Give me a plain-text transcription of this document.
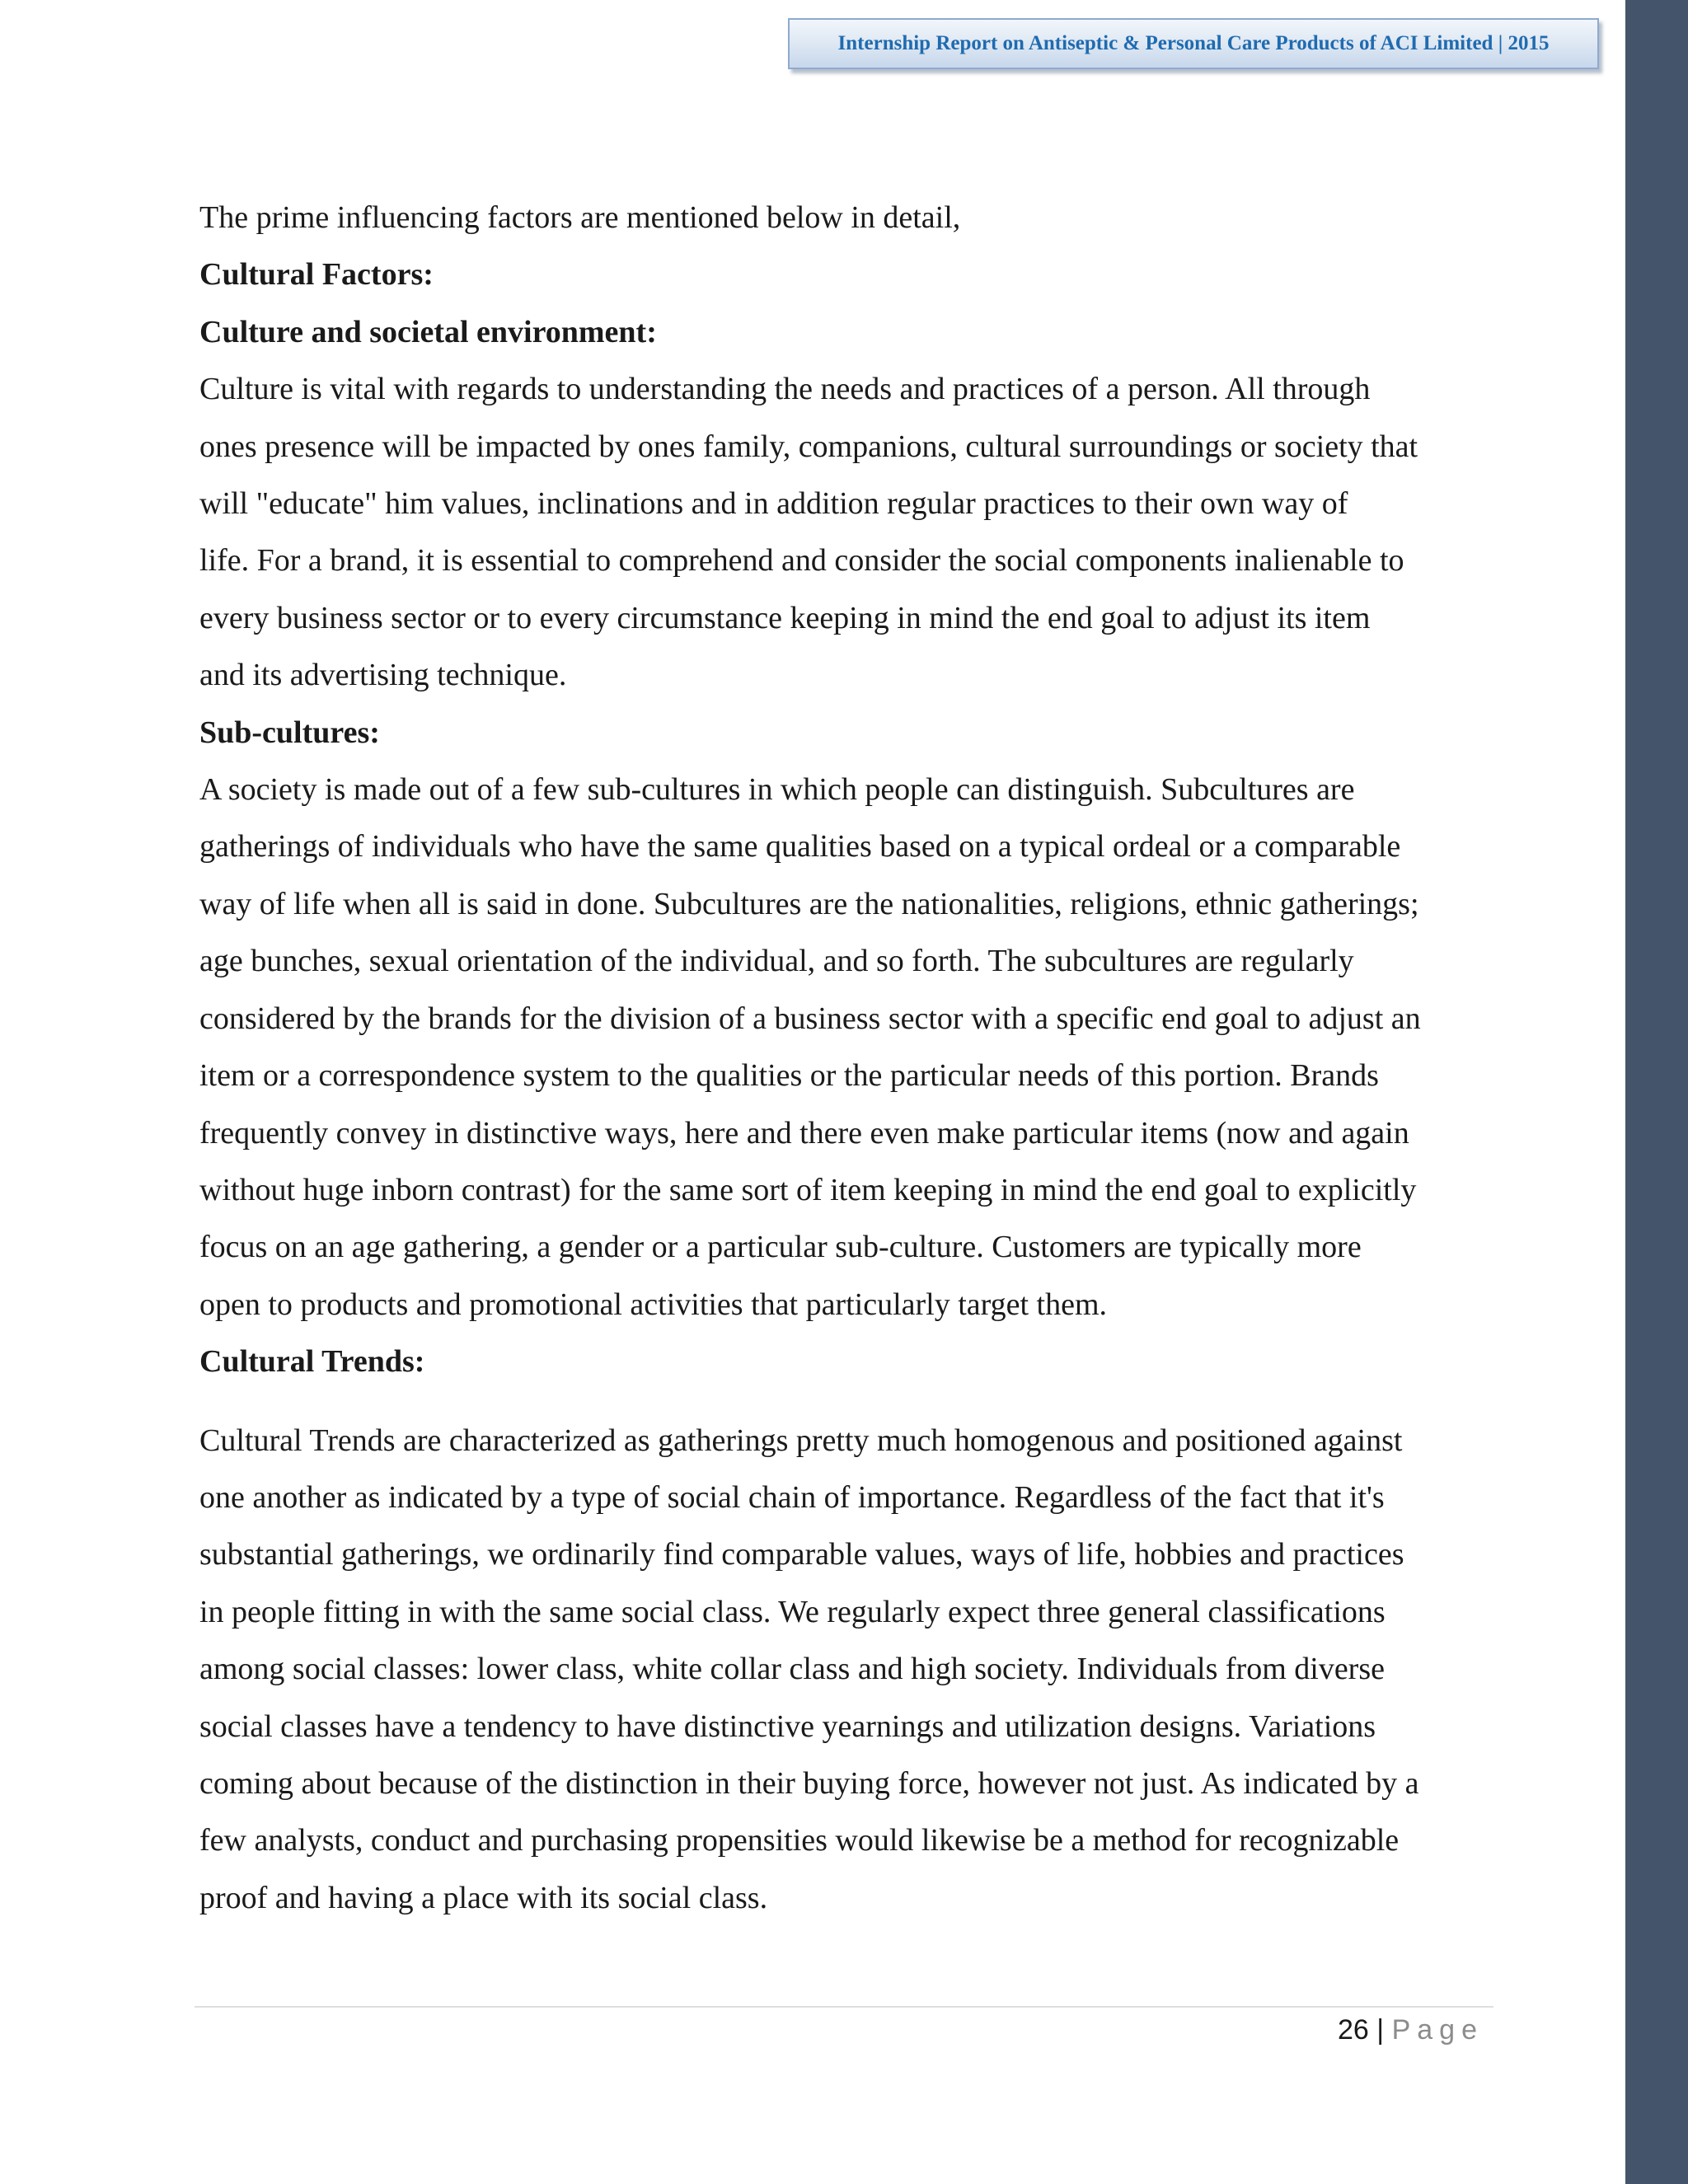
Internship Report on Antiseptic & Personal Care Products of ACI Limited | 2015

The prime influencing factors are mentioned below in detail,

Cultural Factors:

Culture and societal environment:

Culture is vital with regards to understanding the needs and practices of a person. All through

ones presence will be impacted by ones family, companions, cultural surroundings or society that

will "educate" him values, inclinations and in addition regular practices to their own way of

life. For a brand, it is essential to comprehend and consider the social components inalienable to

every business sector or to every circumstance keeping in mind the end goal to adjust its item

and its advertising technique.

Sub-cultures:

A society is made out of a few sub-cultures in which people can distinguish. Subcultures are

gatherings of individuals who have the same qualities based on a typical ordeal or a comparable

way of life when all is said in done. Subcultures are the nationalities, religions, ethnic gatherings;

age bunches, sexual orientation of the individual, and so forth. The subcultures are regularly

considered by the brands for the division of a business sector with a specific end goal to adjust an

item or a correspondence system to the qualities or the particular needs of this portion. Brands

frequently convey in distinctive ways, here and there even make particular items (now and again

without huge inborn contrast) for the same sort of item keeping in mind the end goal to explicitly

focus on an age gathering, a gender or a particular sub-culture. Customers are typically more

open to products and promotional activities that particularly target them.

Cultural Trends:

Cultural Trends are characterized as gatherings pretty much homogenous and positioned against

one another as indicated by a type of social chain of importance. Regardless of the fact that it's

substantial gatherings, we ordinarily find comparable values, ways of life, hobbies and practices

in people fitting in with the same social class. We regularly expect three general classifications

among social classes: lower class, white collar class and high society. Individuals from diverse

social classes have a tendency to have distinctive yearnings and utilization designs. Variations

coming about because of the distinction in their buying force, however not just. As indicated by a

few analysts, conduct and purchasing propensities would likewise be a method for recognizable

proof and having a place with its social class.

26 | Page
